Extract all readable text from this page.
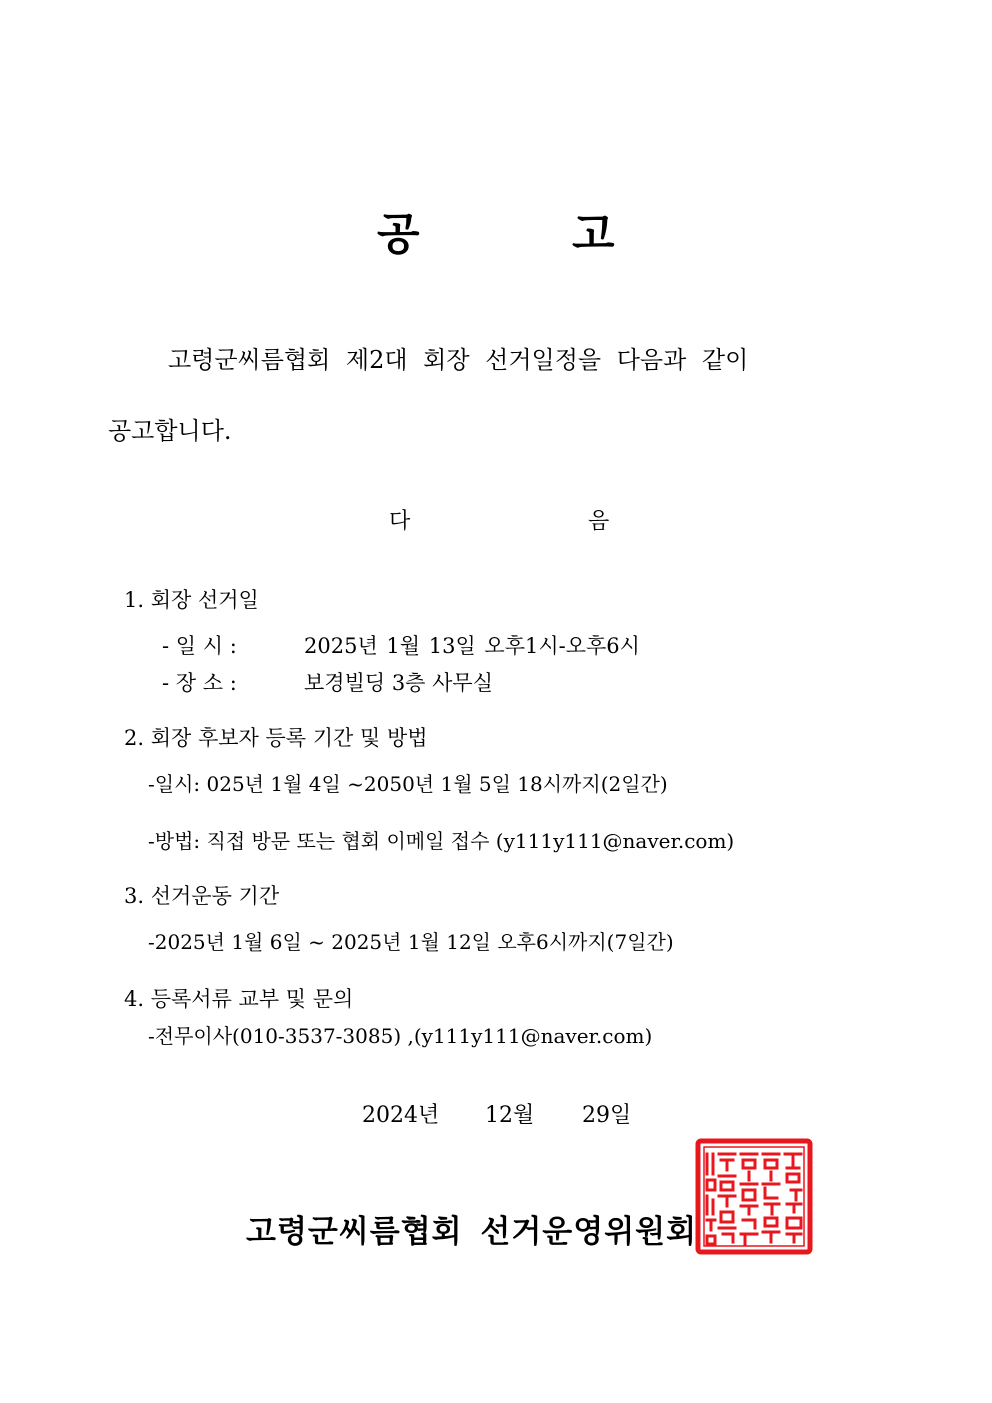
공	고
고령군씨름협회 제2대 회장 선거일정을 다음과 같이
공고합니다.
다	음
1. 회장 선거일
- 일 시 :	2025년 1월 13일 오후1시-오후6시
- 장 소 :	보경빌딩 3층 사무실
2. 회장 후보자 등록 기간 및 방법
-일시: 025년 1월 4일 ~2050년 1월 5일 18시까지(2일간)
-방법: 직접 방문 또는 협회 이메일 접수 (y111y111@naver.com)
3. 선거운동 기간
-2025년 1월 6일 ~ 2025년 1월 12일 오후6시까지(7일간)
4. 등록서류 교부 및 문의
-전무이사(010-3537-3085) ,(y111y111@naver.com)
2024년 12월 29일
고령군씨름협회 선거운영위원회
